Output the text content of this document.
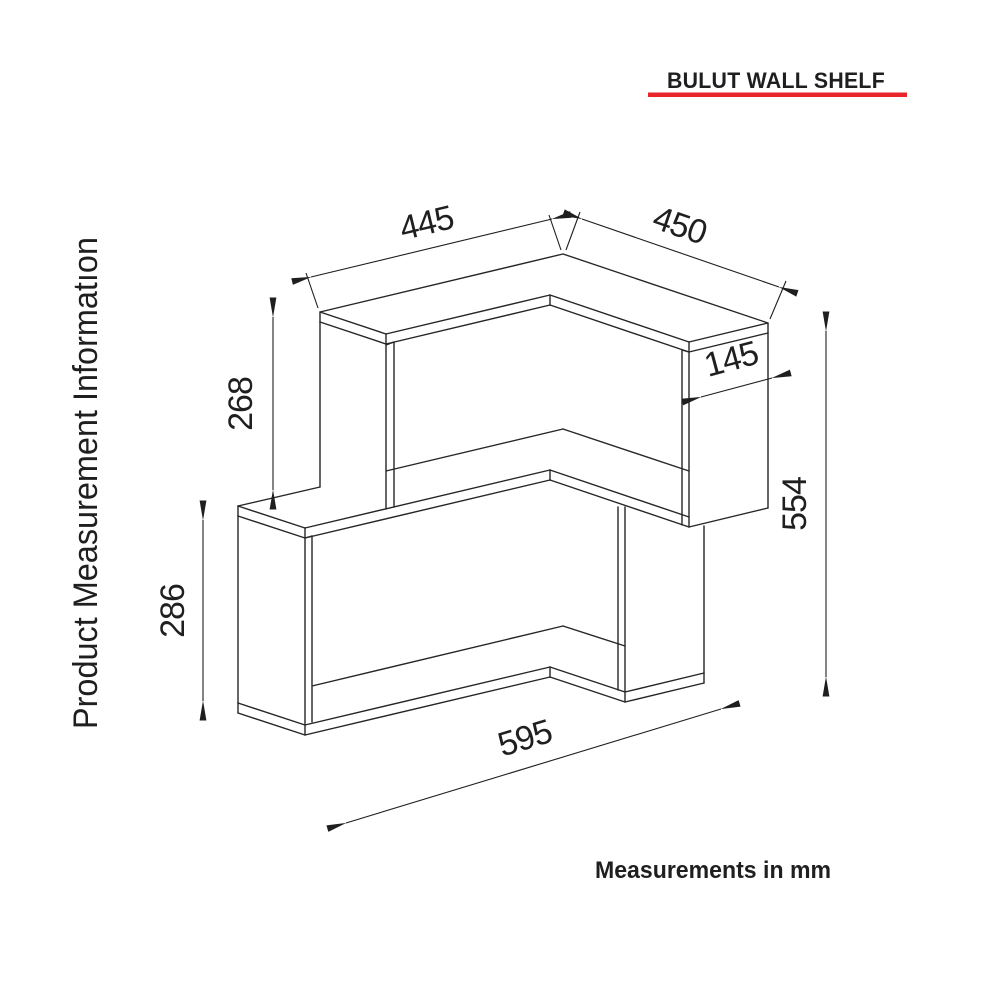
445	450
145
268
286
554
595
BULUT WALL SHELF
Product Measurement Informatıon
Measurements in mm
